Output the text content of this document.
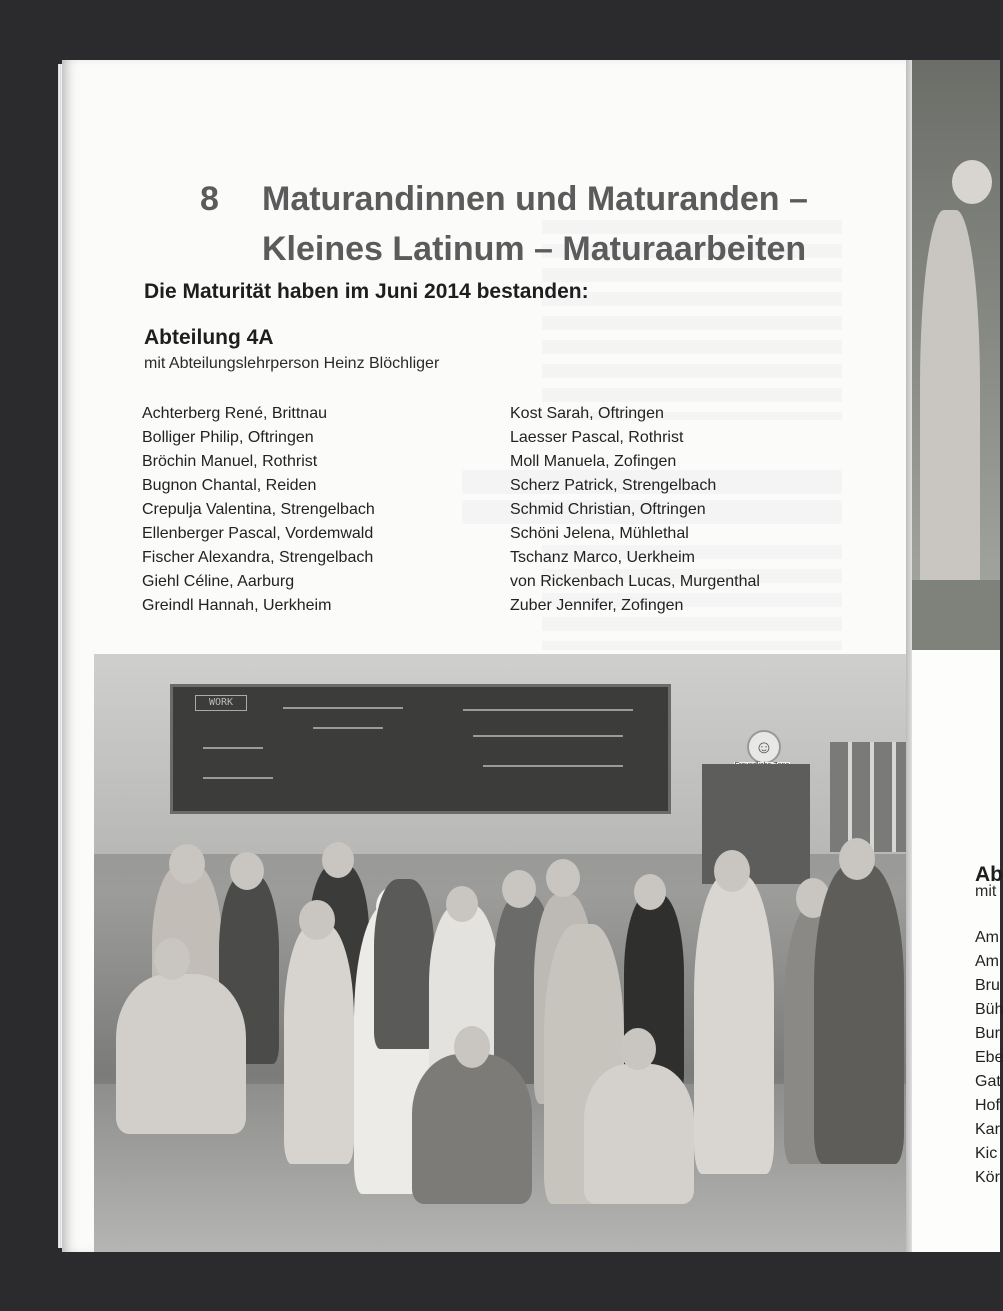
8 Maturandinnen und Maturanden –
Kleines Latinum – Maturaarbeiten
Die Maturität haben im Juni 2014 bestanden:
Abteilung 4A
mit Abteilungslehrperson Heinz Blöchliger
Achterberg René, Brittnau
Bolliger Philip, Oftringen
Bröchin Manuel, Rothrist
Bugnon Chantal, Reiden
Crepulja Valentina, Strengelbach
Ellenberger Pascal, Vordemwald
Fischer Alexandra, Strengelbach
Giehl Céline, Aarburg
Greindl Hannah, Uerkheim
Kost Sarah, Oftringen
Laesser Pascal, Rothrist
Moll Manuela, Zofingen
Scherz Patrick, Strengelbach
Schmid Christian, Oftringen
Schöni Jelena, Mühlethal
Tschanz Marco, Uerkheim
von Rickenbach Lucas, Murgenthal
Zuber Jennifer, Zofingen
WORK
☺
Ab
mit
Am
Am
Bru
Büh
Bur
Ebe
Gat
Hof
Kar
Kic
Kör
